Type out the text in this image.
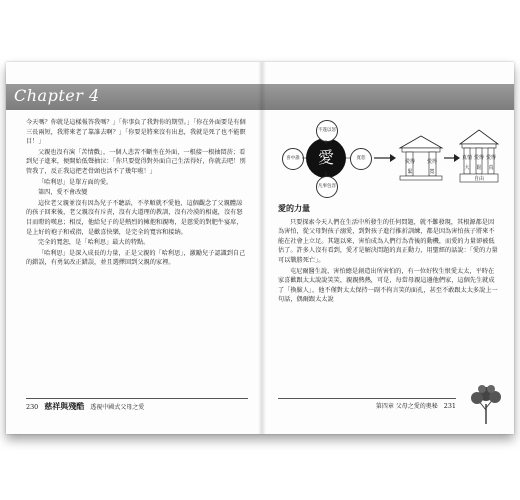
Chapter 4

今天嗎？你就是這樣報答我嗎？」「你事負了我對你的期望。」「你在外面要是有個三長兩短，我將來老了靠誰去啊？」「你要是將來沒有出息，我就是死了也不能瞑目！」

父親也沒有演「苦情戲」，一個人悲苦不斷坐在外面，一根接一根抽悶菸；看到兒子進來，便開始低聲抽泣：「你只要覺得對外面自己生活得好，你就去吧！別管我了，反正我這把老骨頭也活不了幾年啦！」

「哈利思」是單方面的愛。

第四，愛不會改變

這位老父親並沒有因為兒子不聽話，不孝順就不愛他，這個觀念了父親體諒的孩子回來後，老父親沒有斥責，沒有大道理的教訓，沒有冷漠的相處，沒有怒目而瞪的嘆息；相反，他給兒子的是熱烈的擁抱和親吻，是慈愛的對肥牛宴席，是上好的袍子和戒指，是歡喜快樂，是完全的寬容和接納。

完全的寬恕，是「哈利思」最大的特點。

「哈利思」是深入成長的力量，正是父親的「哈利思」，激勵兒子認識到自己的錯誤，有勇氣改正錯誤，並且選擇回到父親的家裡。

230 慈祥與殘酷 透視中國式父母之愛
愛
不遂以怒
寬恕
凡事包容
喜中誰
愛得緊
愛得寬
真情大
愛得鬆
愛得真
自由
愛的力量

只要探索今天人們在生活中所發生的任何問題，就不難發現，其根源都是因為害怕，從父母對孩子溺愛，到對孩子進行推折訓練，都是因為害怕孩子將來不能在社會上立足。其題以來，害怕成為人們行為背後的動機，而愛的力量卻被低估了。許多人沒有看到，愛才是解決問題的真正動力，用聖經的話說：「愛的力量可以戰勝死亡」。

屯尼爾醫生說，害怕總是創造出所害怕的，有一位好牧生恨愛太太，平時在家喜歡跟太太說說笑笑，親親熱熱，可是，每當母親這邊他們家，這個先生就成了「換臉人」，他不僅對太太保持一副不拘言笑的面孔，甚至不敢跟太太多說上一句話，偶爾跟太太說

第四章 父母之愛的奧秘 231
